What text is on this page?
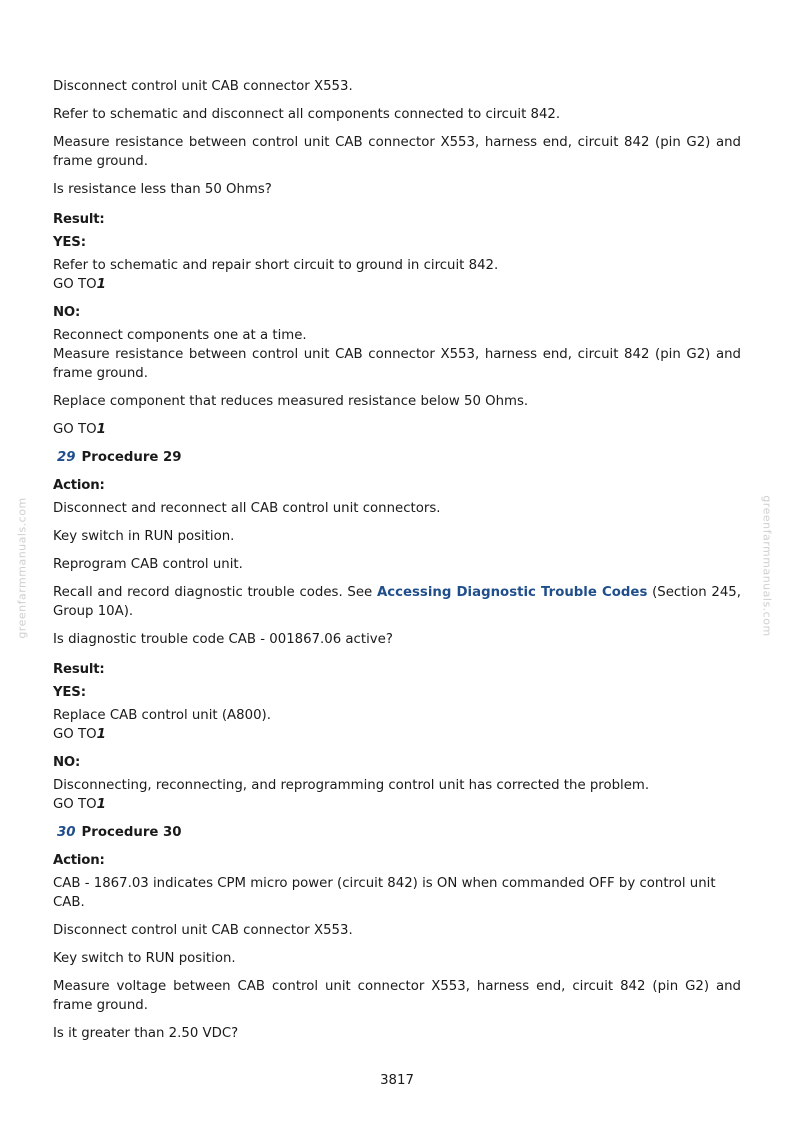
greenfarmmanuals.com	greenfarmmanuals.com

Disconnect control unit CAB connector X553.

Refer to schematic and disconnect all components connected to circuit 842.

Measure resistance between control unit CAB connector X553, harness end, circuit 842 (pin G2) and frame ground.

Is resistance less than 50 Ohms?

Result:
YES:
Refer to schematic and repair short circuit to ground in circuit 842.
GO TO1
NO:
Reconnect components one at a time.
Measure resistance between control unit CAB connector X553, harness end, circuit 842 (pin G2) and frame ground.

Replace component that reduces measured resistance below 50 Ohms.

GO TO1

29 Procedure 29
Action:

Disconnect and reconnect all CAB control unit connectors.

Key switch in RUN position.

Reprogram CAB control unit.

Recall and record diagnostic trouble codes. See Accessing Diagnostic Trouble Codes (Section 245, Group 10A).

Is diagnostic trouble code CAB - 001867.06 active?

Result:
YES:
Replace CAB control unit (A800).
GO TO1
NO:
Disconnecting, reconnecting, and reprogramming control unit has corrected the problem.
GO TO1
30 Procedure 30
Action:

CAB - 1867.03 indicates CPM micro power (circuit 842) is ON when commanded OFF by control unit CAB.

Disconnect control unit CAB connector X553.

Key switch to RUN position.

Measure voltage between CAB control unit connector X553, harness end, circuit 842 (pin G2) and frame ground.

Is it greater than 2.50 VDC?

3817
